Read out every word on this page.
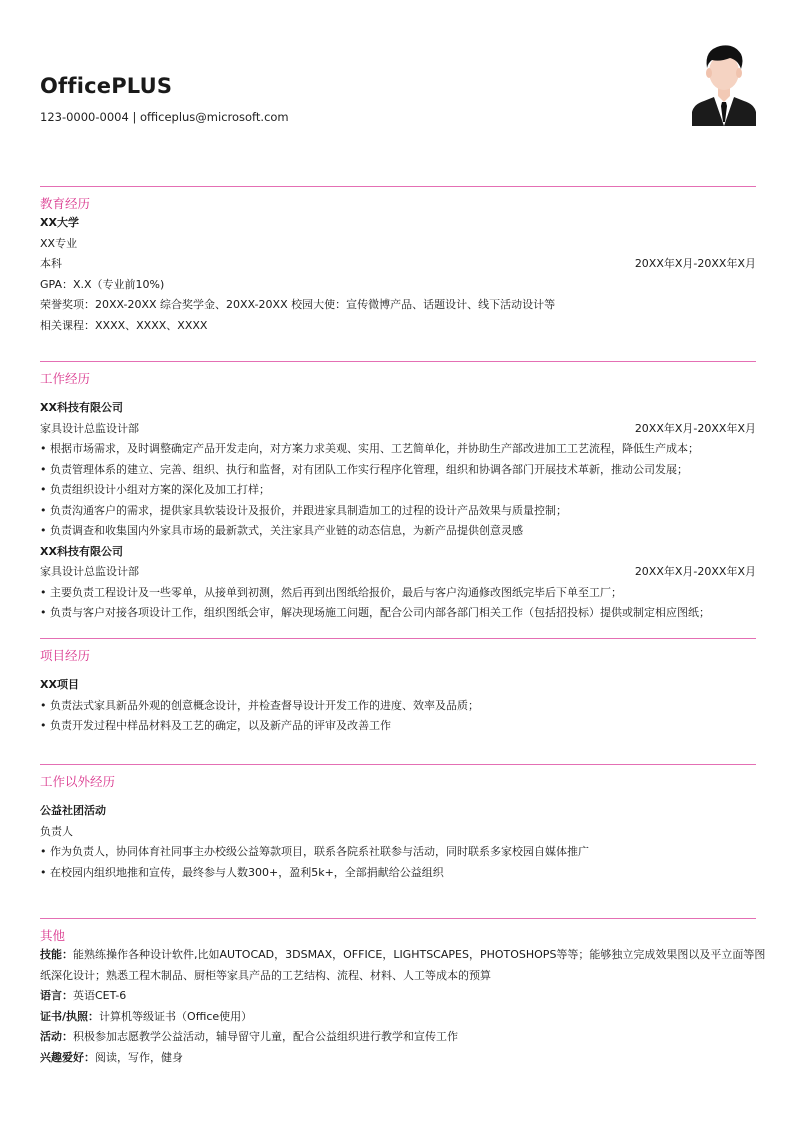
OfficePLUS
123-0000-0004 | officeplus@microsoft.com
教育经历
XX大学
XX专业
本科	20XX年X月-20XX年X月
GPA：X.X（专业前10%)
荣誉奖项：20XX-20XX 综合奖学金、20XX-20XX 校园大使：宣传微博产品、话题设计、线下活动设计等
相关课程：XXXX、XXXX、XXXX
工作经历
XX科技有限公司
家具设计总监设计部	20XX年X月-20XX年X月
• 根据市场需求，及时调整确定产品开发走向，对方案力求美观、实用、工艺简单化，并协助生产部改进加工工艺流程，降低生产成本；
• 负责管理体系的建立、完善、组织、执行和监督，对有团队工作实行程序化管理，组织和协调各部门开展技术革新，推动公司发展；
• 负责组织设计小组对方案的深化及加工打样；
• 负责沟通客户的需求，提供家具软装设计及报价，并跟进家具制造加工的过程的设计产品效果与质量控制；
• 负责调查和收集国内外家具市场的最新款式，关注家具产业链的动态信息，为新产品提供创意灵感
XX科技有限公司
家具设计总监设计部	20XX年X月-20XX年X月
• 主要负责工程设计及一些零单，从接单到初测，然后再到出图纸给报价，最后与客户沟通修改图纸完毕后下单至工厂；
• 负责与客户对接各项设计工作，组织图纸会审，解决现场施工问题，配合公司内部各部门相关工作（包括招投标）提供或制定相应图纸；
项目经历
XX项目
• 负责法式家具新品外观的创意概念设计，并检查督导设计开发工作的进度、效率及品质；
• 负责开发过程中样品材料及工艺的确定，以及新产品的评审及改善工作
工作以外经历
公益社团活动
负责人
• 作为负责人，协同体育社同事主办校级公益筹款项目，联系各院系社联参与活动，同时联系多家校园自媒体推广
• 在校园内组织地推和宣传，最终参与人数300+，盈利5k+，全部捐献给公益组织
其他
技能：能熟练操作各种设计软件,比如AUTOCAD，3DSMAX，OFFICE，LIGHTSCAPES，PHOTOSHOPS等等；能够独立完成效果图以及平立面等图
纸深化设计；熟悉工程木制品、厨柜等家具产品的工艺结构、流程、材料、人工等成本的预算
语言：英语CET-6
证书/执照：计算机等级证书（Office使用）
活动：积极参加志愿教学公益活动，辅导留守儿童，配合公益组织进行教学和宣传工作
兴趣爱好：阅读，写作，健身
